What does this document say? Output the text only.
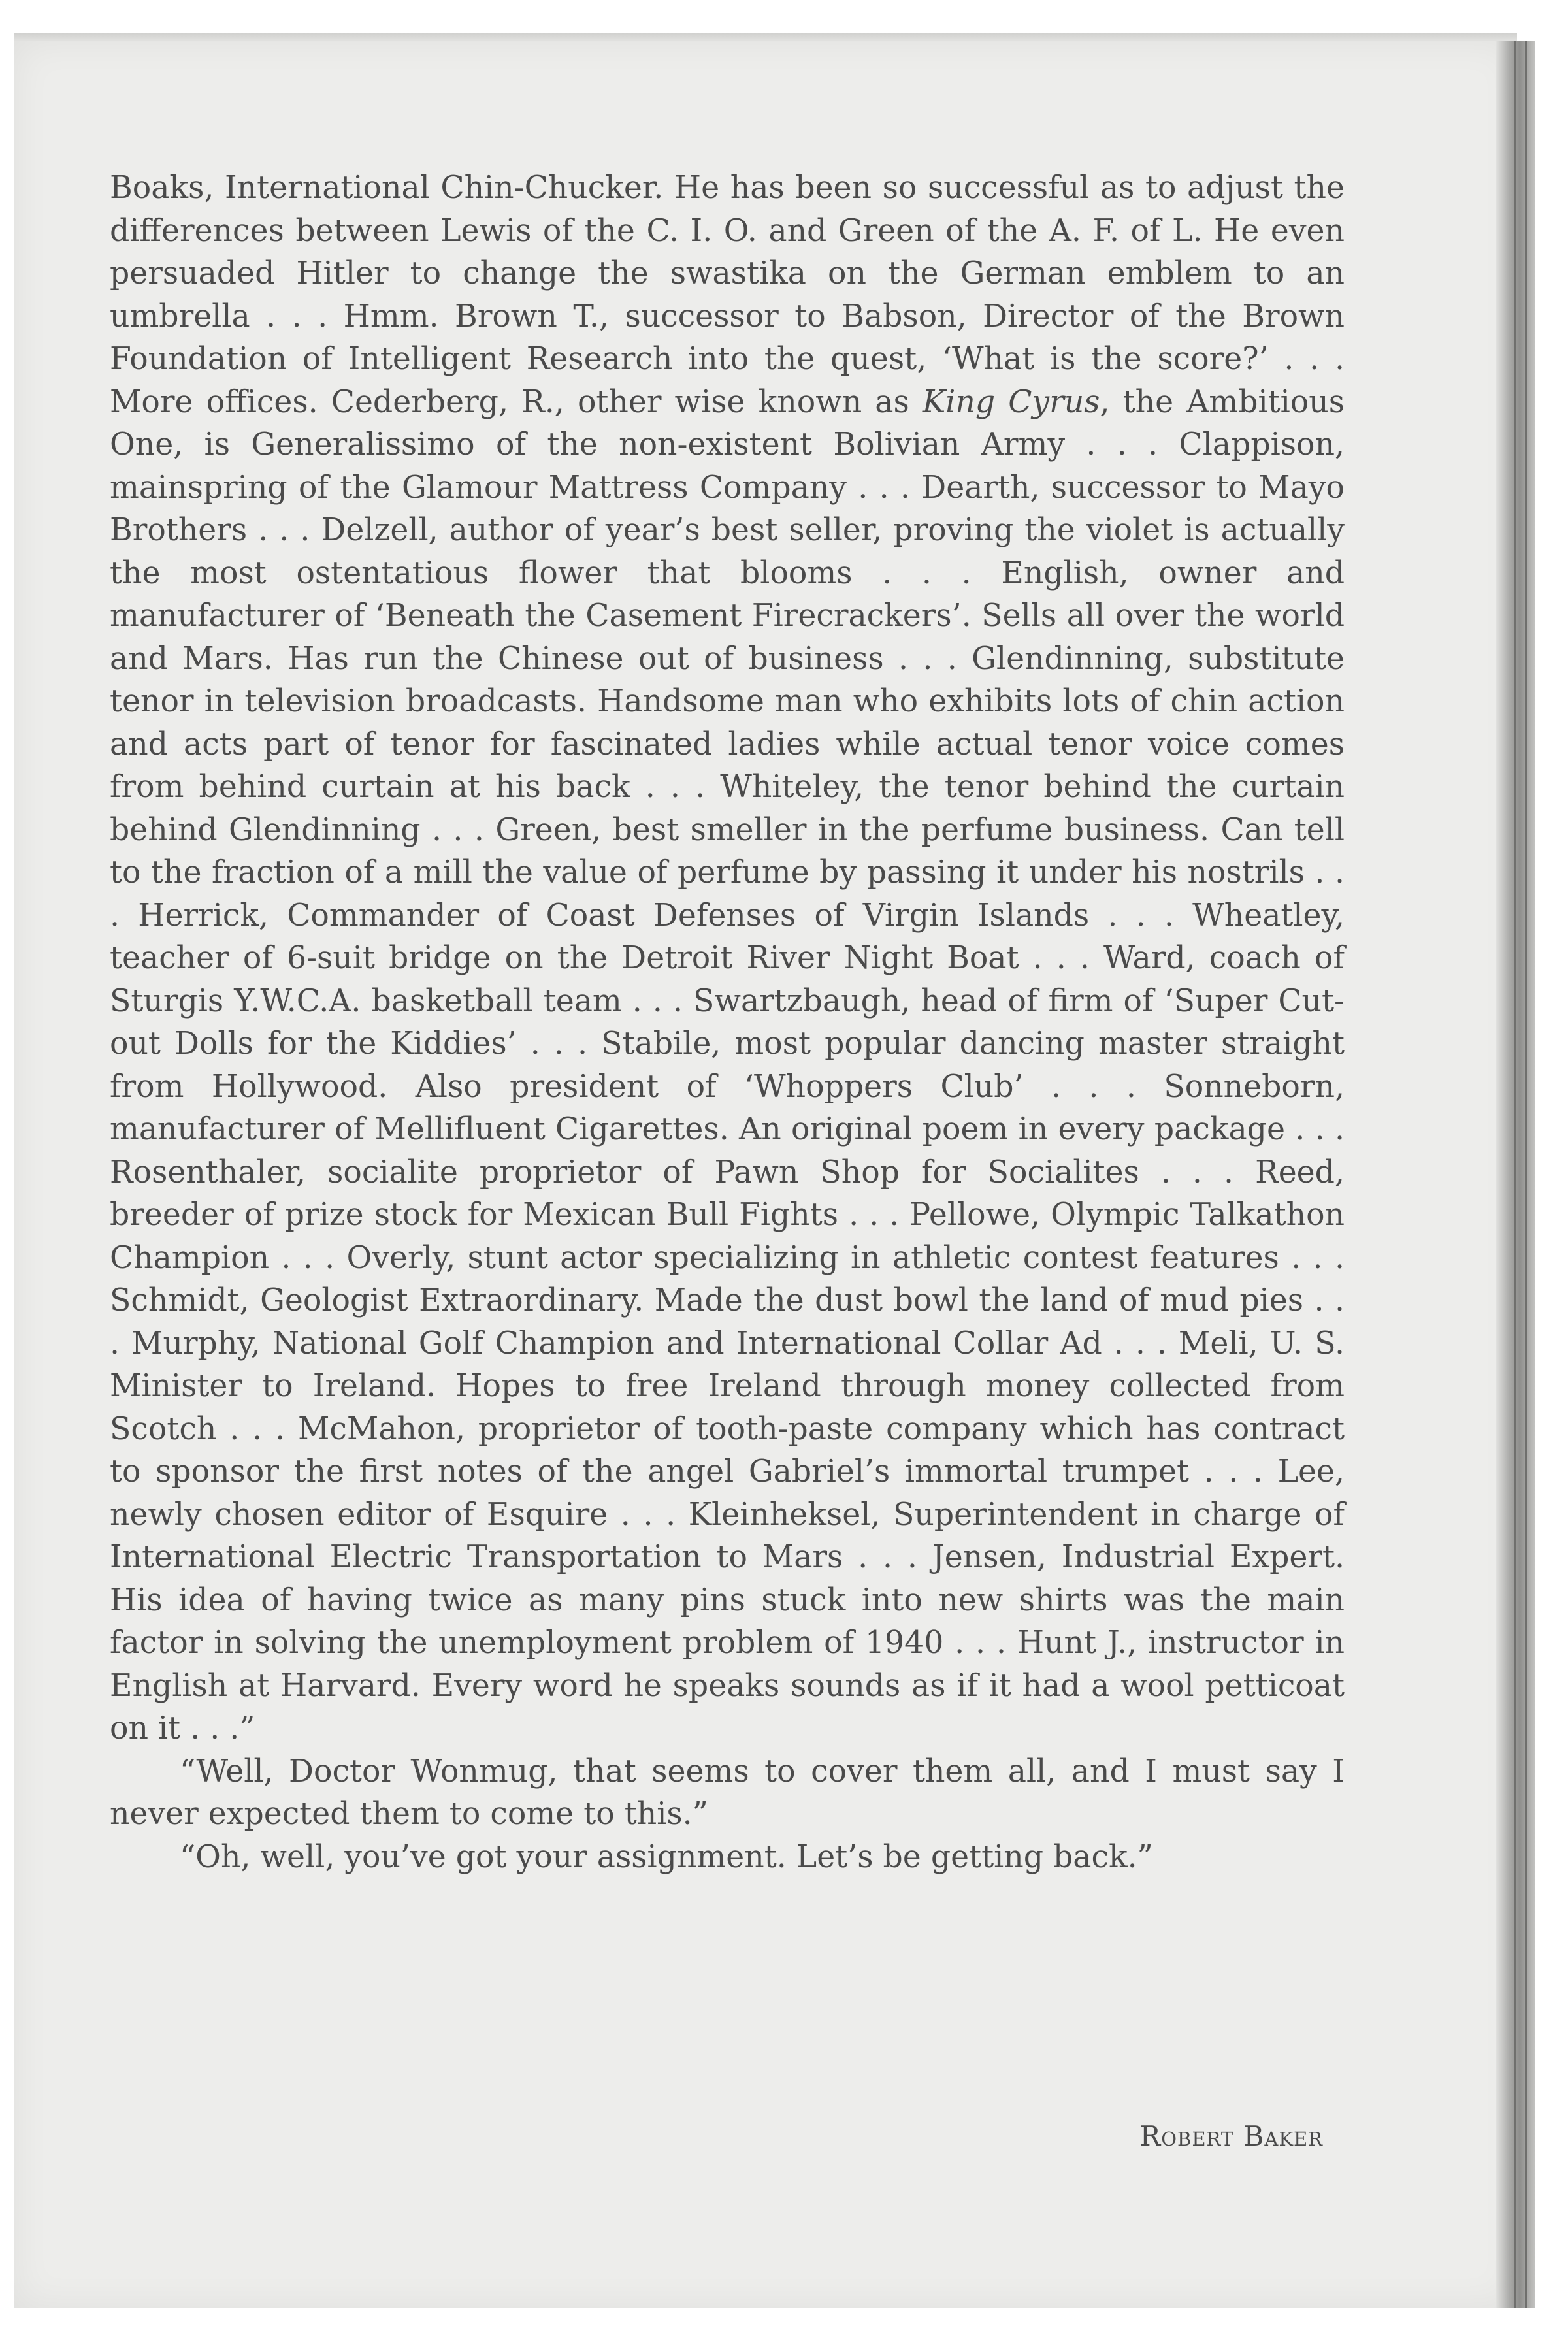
Boaks, International Chin-Chucker. He has been so successful as to adjust the differences between Lewis of the C. I. O. and Green of the A. F. of L. He even persuaded Hitler to change the swastika on the German emblem to an umbrella . . . Hmm. Brown T., successor to Babson, Director of the Brown Foundation of Intelligent Research into the quest, ‘What is the score?’ . . . More offices. Cederberg, R., other wise known as King Cyrus, the Ambitious One, is Generalissimo of the non-existent Bolivian Army . . . Clappison, mainspring of the Glamour Mattress Company . . . Dearth, successor to Mayo Brothers . . . Delzell, author of year’s best seller, proving the violet is actually the most ostentatious flower that blooms . . . English, owner and manufacturer of ‘Beneath the Casement Firecrackers’. Sells all over the world and Mars. Has run the Chinese out of business . . . Glendinning, substitute tenor in television broadcasts. Handsome man who exhibits lots of chin action and acts part of tenor for fascinated ladies while actual tenor voice comes from behind curtain at his back . . . Whiteley, the tenor behind the curtain behind Glendinning . . . Green, best smeller in the perfume business. Can tell to the fraction of a mill the value of perfume by passing it under his nostrils . . . Herrick, Commander of Coast Defenses of Virgin Islands . . . Wheatley, teacher of 6-suit bridge on the Detroit River Night Boat . . . Ward, coach of Sturgis Y.W.C.A. basketball team . . . Swartzbaugh, head of firm of ‘Super Cut-out Dolls for the Kiddies’ . . . Stabile, most popular dancing master straight from Hollywood. Also president of ‘Whoppers Club’ . . . Sonneborn, manufacturer of Mellifluent Cigarettes. An original poem in every package . . . Rosenthaler, socialite proprietor of Pawn Shop for Socialites . . . Reed, breeder of prize stock for Mexican Bull Fights . . . Pellowe, Olympic Talkathon Champion . . . Overly, stunt actor specializing in athletic contest features . . . Schmidt, Geologist Extraordinary. Made the dust bowl the land of mud pies . . . Murphy, National Golf Champion and International Collar Ad . . . Meli, U. S. Minister to Ireland. Hopes to free Ireland through money collected from Scotch . . . McMahon, proprietor of tooth-paste company which has contract to sponsor the first notes of the angel Gabriel’s immortal trumpet . . . Lee, newly chosen editor of Esquire . . . Kleinheksel, Superintendent in charge of International Electric Transportation to Mars . . . Jensen, Industrial Expert. His idea of having twice as many pins stuck into new shirts was the main factor in solving the unemployment problem of 1940 . . . Hunt J., instructor in English at Harvard. Every word he speaks sounds as if it had a wool petticoat on it . . .”

“Well, Doctor Wonmug, that seems to cover them all, and I must say I never expected them to come to this.”

“Oh, well, you’ve got your assignment. Let’s be getting back.”

Robert Baker
